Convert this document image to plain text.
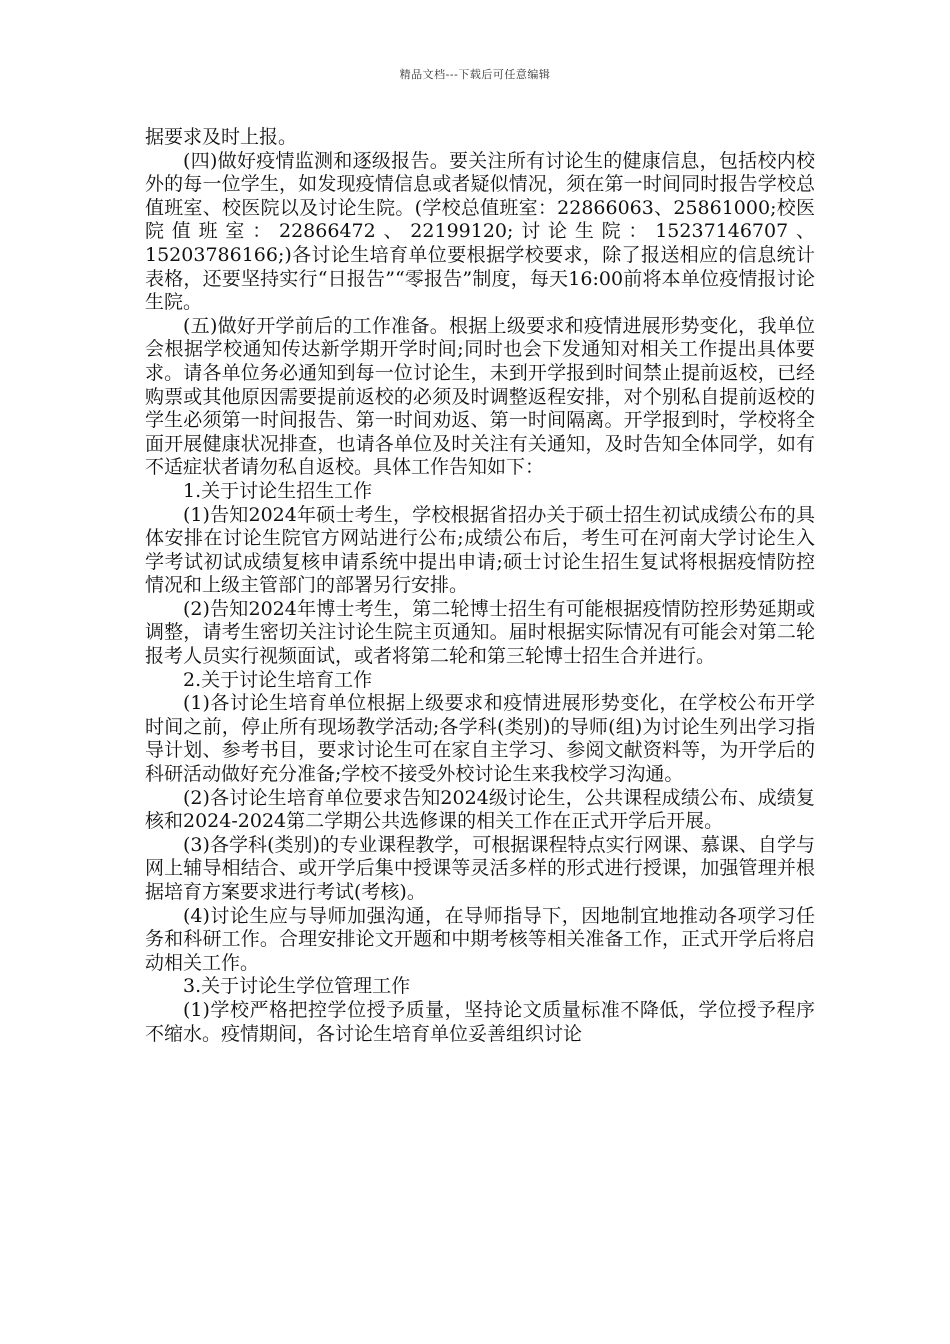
精品文档---下载后可任意编辑

据要求及时上报。

(四)做好疫情监测和逐级报告。要关注所有讨论生的健康信息，包括校内校外的每一位学生，如发现疫情信息或者疑似情况，须在第一时间同时报告学校总值班室、校医院以及讨论生院。(学校总值班室：22866063、25861000;校医院值班室：22866472、22199120;讨论生院：15237146707、15203786166;)各讨论生培育单位要根据学校要求，除了报送相应的信息统计表格，还要坚持实行“日报告”“零报告”制度，每天16:00前将本单位疫情报讨论生院。

(五)做好开学前后的工作准备。根据上级要求和疫情进展形势变化，我单位会根据学校通知传达新学期开学时间;同时也会下发通知对相关工作提出具体要求。请各单位务必通知到每一位讨论生，未到开学报到时间禁止提前返校，已经购票或其他原因需要提前返校的必须及时调整返程安排，对个别私自提前返校的学生必须第一时间报告、第一时间劝返、第一时间隔离。开学报到时，学校将全面开展健康状况排查，也请各单位及时关注有关通知，及时告知全体同学，如有不适症状者请勿私自返校。具体工作告知如下：

1.关于讨论生招生工作

(1)告知2024年硕士考生，学校根据省招办关于硕士招生初试成绩公布的具体安排在讨论生院官方网站进行公布;成绩公布后，考生可在河南大学讨论生入学考试初试成绩复核申请系统中提出申请;硕士讨论生招生复试将根据疫情防控情况和上级主管部门的部署另行安排。

(2)告知2024年博士考生，第二轮博士招生有可能根据疫情防控形势延期或调整，请考生密切关注讨论生院主页通知。届时根据实际情况有可能会对第二轮报考人员实行视频面试，或者将第二轮和第三轮博士招生合并进行。

2.关于讨论生培育工作

(1)各讨论生培育单位根据上级要求和疫情进展形势变化，在学校公布开学时间之前，停止所有现场教学活动;各学科(类别)的导师(组)为讨论生列出学习指导计划、参考书目，要求讨论生可在家自主学习、参阅文献资料等，为开学后的科研活动做好充分准备;学校不接受外校讨论生来我校学习沟通。

(2)各讨论生培育单位要求告知2024级讨论生，公共课程成绩公布、成绩复核和2024-2024第二学期公共选修课的相关工作在正式开学后开展。

(3)各学科(类别)的专业课程教学，可根据课程特点实行网课、慕课、自学与网上辅导相结合、或开学后集中授课等灵活多样的形式进行授课，加强管理并根据培育方案要求进行考试(考核)。

(4)讨论生应与导师加强沟通，在导师指导下，因地制宜地推动各项学习任务和科研工作。合理安排论文开题和中期考核等相关准备工作，正式开学后将启动相关工作。

3.关于讨论生学位管理工作

(1)学校严格把控学位授予质量，坚持论文质量标准不降低，学位授予程序不缩水。疫情期间，各讨论生培育单位妥善组织讨论
